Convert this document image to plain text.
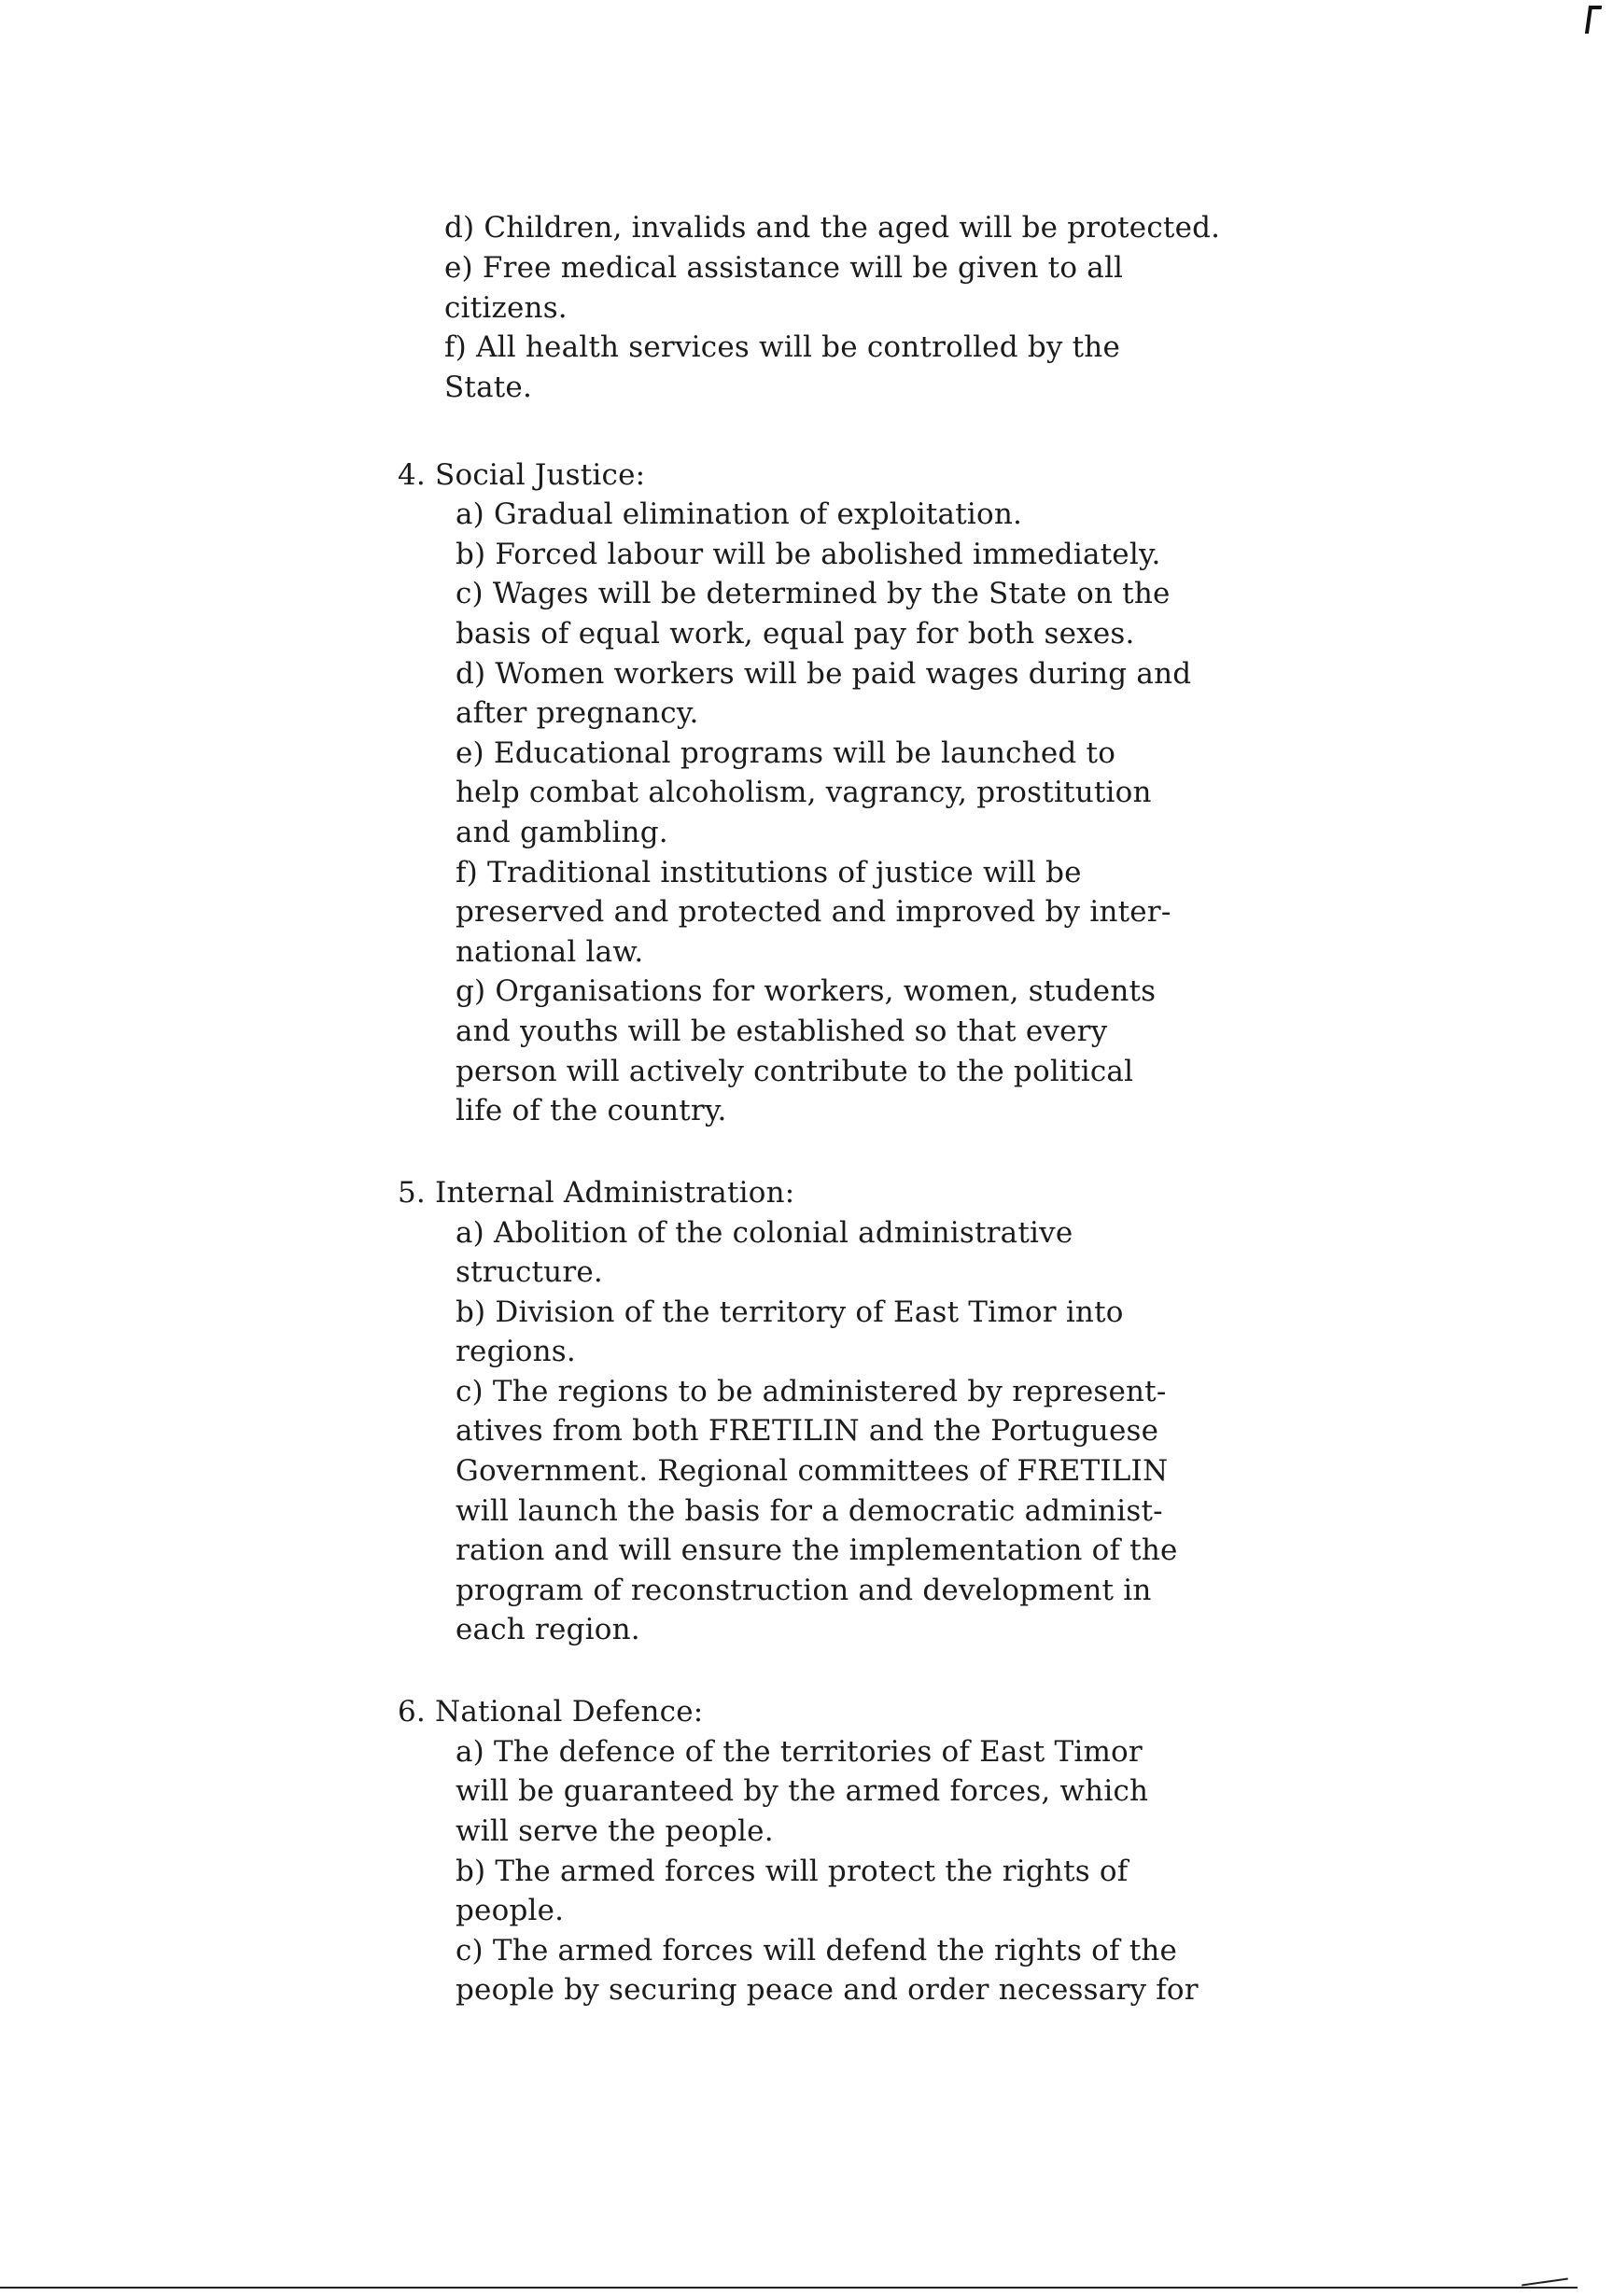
d) Children, invalids and the aged will be protected.

e) Free medical assistance will be given to all

citizens.

f) All health services will be controlled by the

State.

4. Social Justice:

a) Gradual elimination of exploitation.

b) Forced labour will be abolished immediately.

c) Wages will be determined by the State on the

basis of equal work, equal pay for both sexes.

d) Women workers will be paid wages during and

after pregnancy.

e) Educational programs will be launched to

help combat alcoholism, vagrancy, prostitution

and gambling.

f) Traditional institutions of justice will be

preserved and protected and improved by inter-

national law.

g) Organisations for workers, women, students

and youths will be established so that every

person will actively contribute to the political

life of the country.

5. Internal Administration:

a) Abolition of the colonial administrative

structure.

b) Division of the territory of East Timor into

regions.

c) The regions to be administered by represent-

atives from both FRETILIN and the Portuguese

Government. Regional committees of FRETILIN

will launch the basis for a democratic administ-

ration and will ensure the implementation of the

program of reconstruction and development in

each region.

6. National Defence:

a) The defence of the territories of East Timor

will be guaranteed by the armed forces, which

will serve the people.

b) The armed forces will protect the rights of

people.

c) The armed forces will defend the rights of the

people by securing peace and order necessary for
